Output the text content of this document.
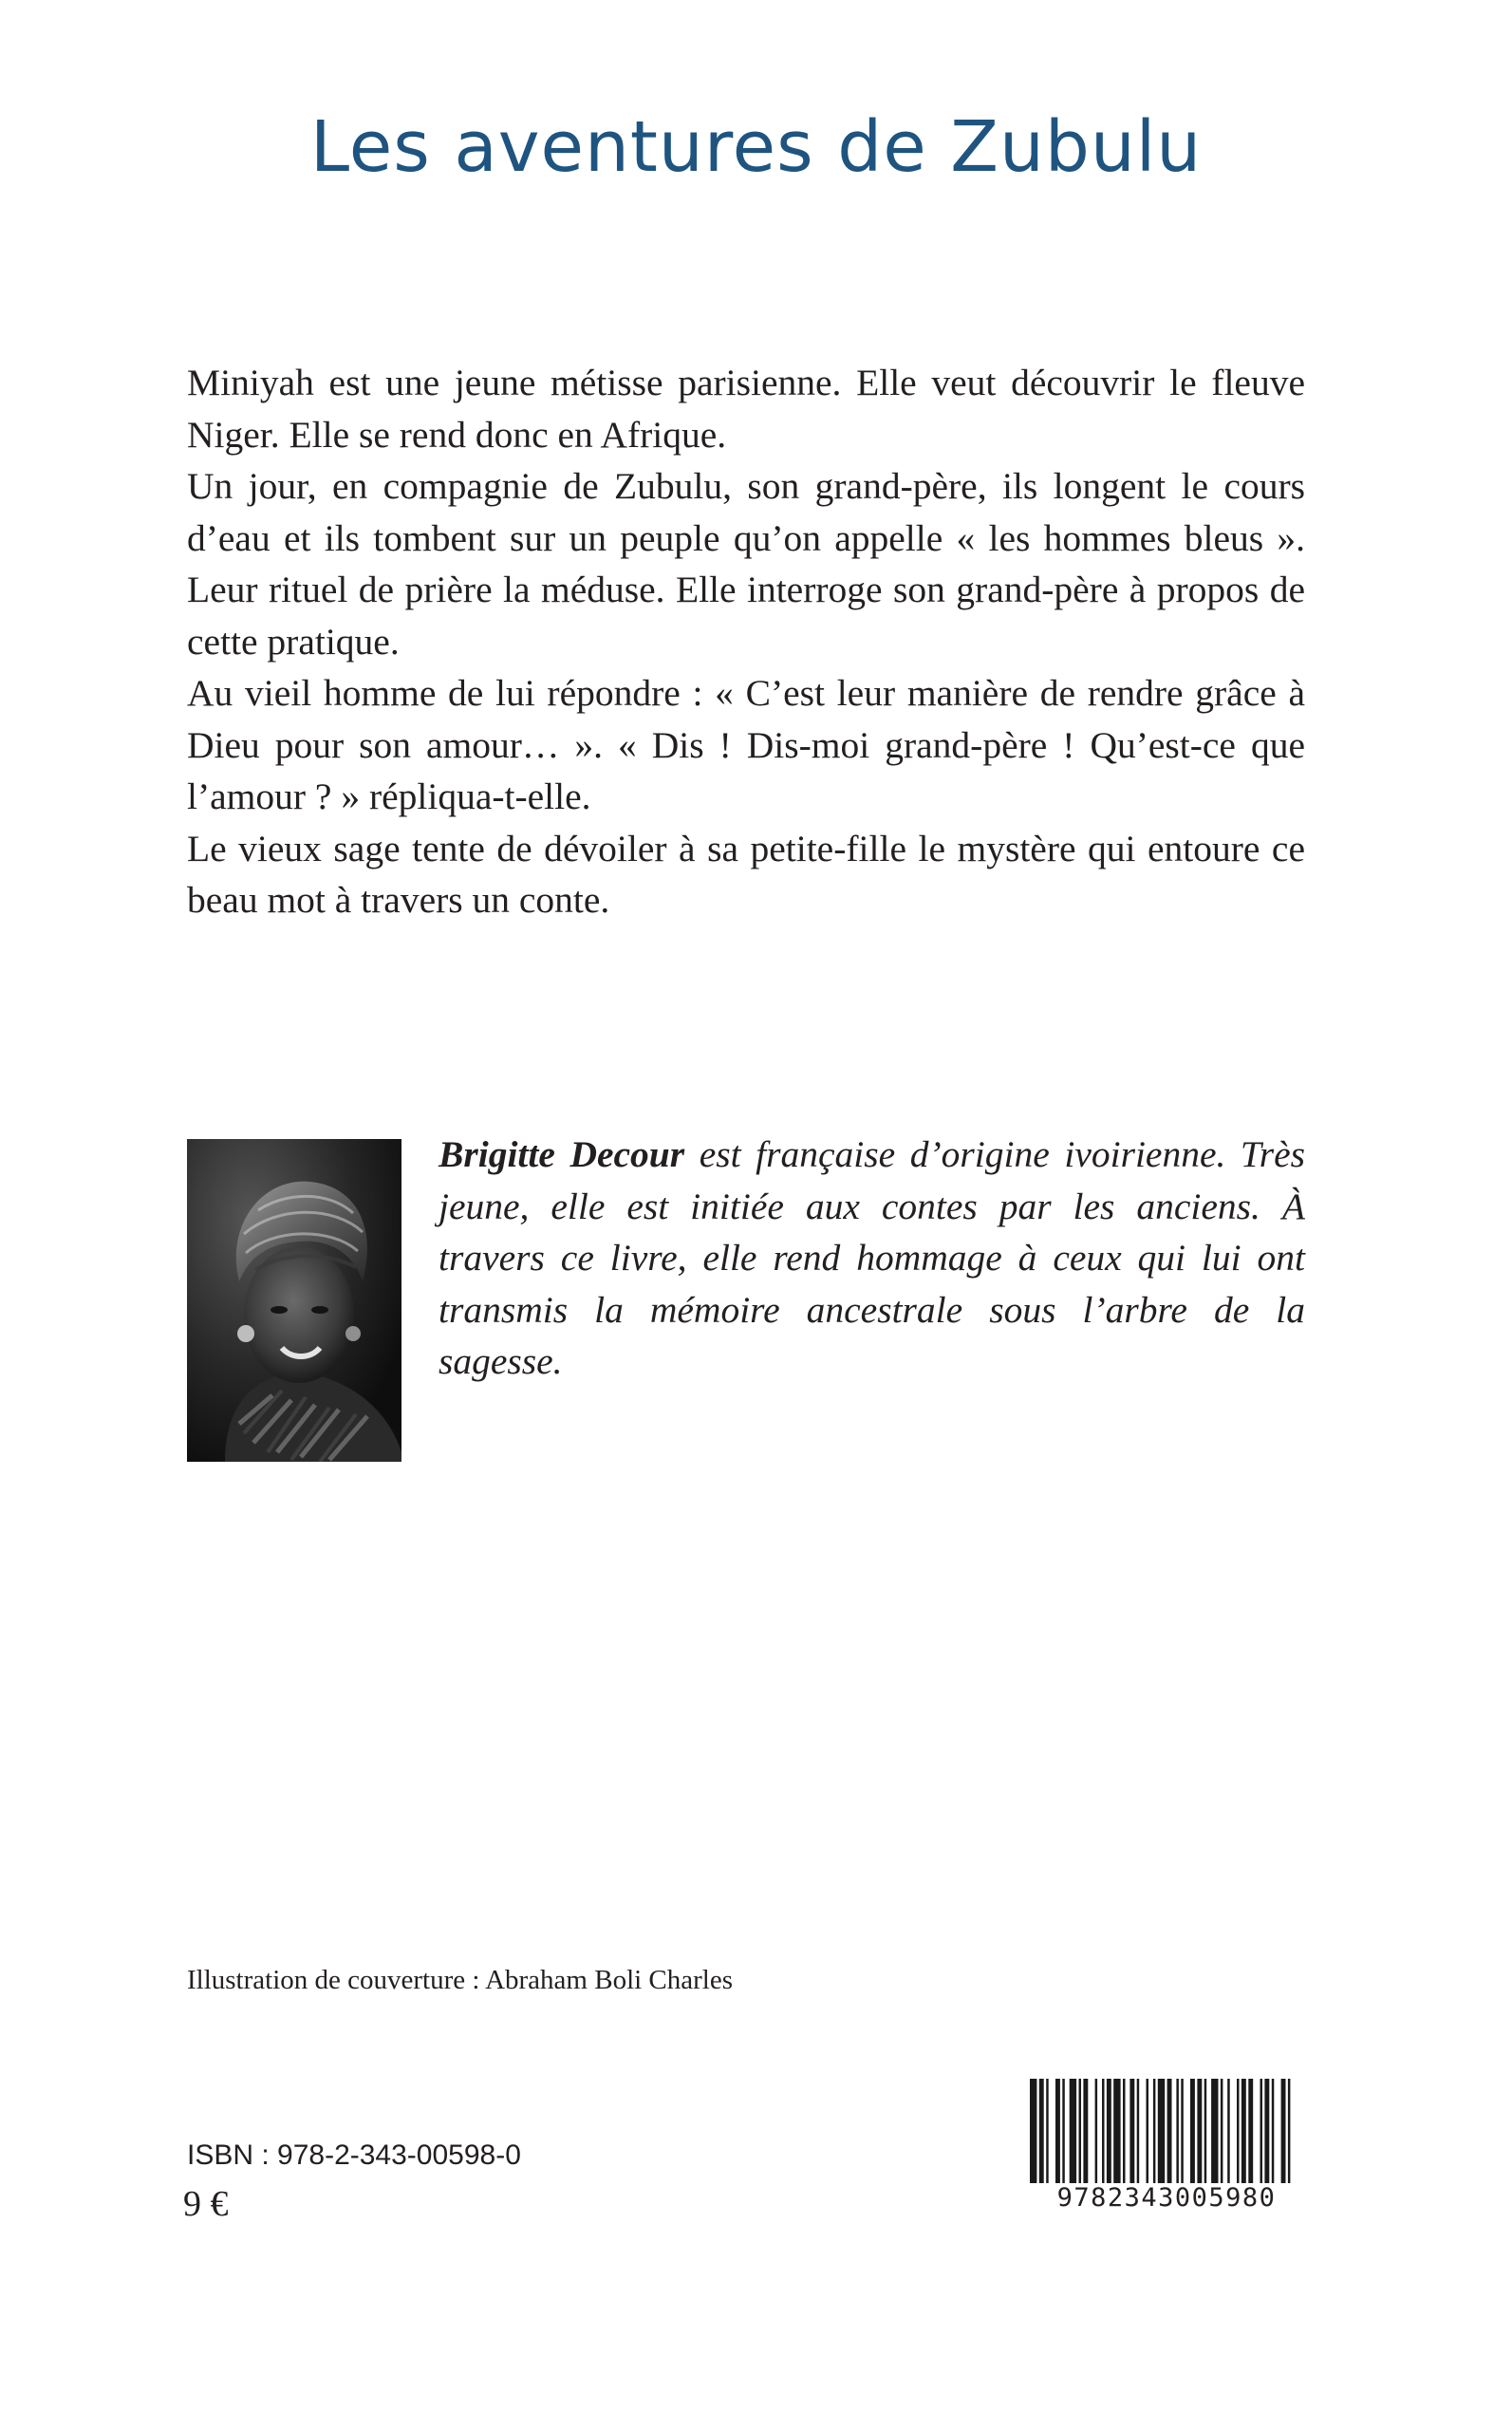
Les aventures de Zubulu

Miniyah est une jeune métisse parisienne. Elle veut découvrir le fleuve Niger. Elle se rend donc en Afrique.

Un jour, en compagnie de Zubulu, son grand-père, ils longent le cours d’eau et ils tombent sur un peuple qu’on appelle « les hommes bleus ». Leur rituel de prière la méduse. Elle interroge son grand-père à propos de cette pratique.

Au vieil homme de lui répondre : « C’est leur manière de rendre grâce à Dieu pour son amour… ». « Dis ! Dis-moi grand-père ! Qu’est-ce que l’amour ? » répliqua-t-elle.

Le vieux sage tente de dévoiler à sa petite-fille le mystère qui entoure ce beau mot à travers un conte.

Brigitte Decour est française d’origine ivoirienne. Très jeune, elle est initiée aux contes par les anciens. À travers ce livre, elle rend hommage à ceux qui lui ont transmis la mémoire ancestrale sous l’arbre de la sagesse.
Illustration de couverture : Abraham Boli Charles
ISBN : 978-2-343-00598-0
9 €	9782343005980
